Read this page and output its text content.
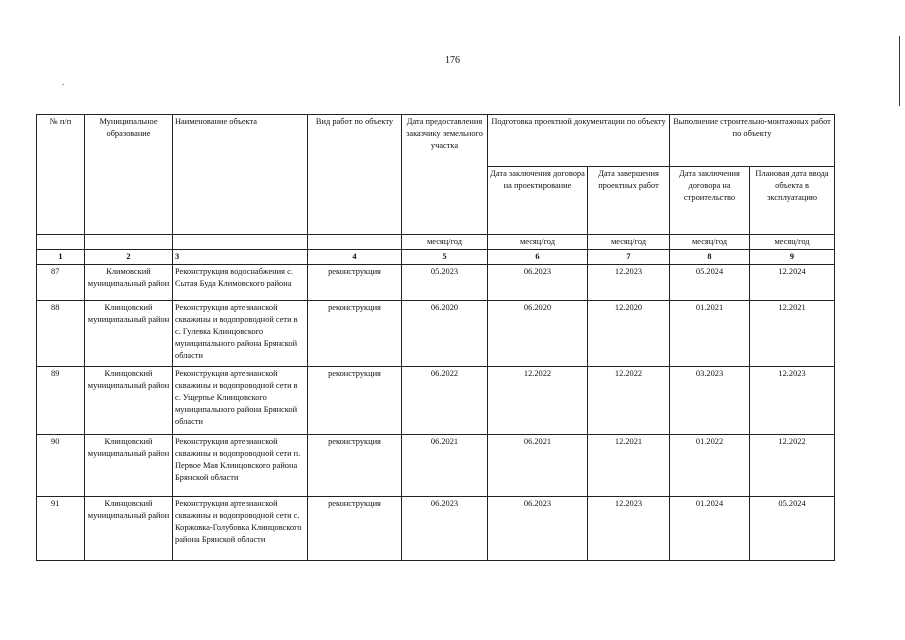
176
№ п/п	Муниципальное образование	Наименование объекта	Вид работ по объекту	Дата предоставления заказчику земельного участка	Подготовка проектной документации по объекту		Выполнение строительно-монтажных работ по объекту	
					Дата заключения договора на проектирование	Дата завершения проектных работ	Дата заключения договора на строительство	Плановая дата ввода объекта в эксплуатацию
				месяц/год	месяц/год	месяц/год	месяц/год	месяц/год
1	2	3	4	5	6	7	8	9
87	Климовский муниципальный район	Реконструкция водоснабжения с. Сытая Буда Климовского района	реконструкция	05.2023	06.2023	12.2023	05.2024	12.2024
88	Клинцовский муниципальный район	Реконструкция артезианской скважины и водопроводной сети в с. Гулевка Клинцовского муниципального района Брянской области	реконструкция	06.2020	06.2020	12.2020	01.2021	12.2021
89	Клинцовский муниципальный район	Реконструкция артезианской скважины и водопроводной сети в с. Ущерпье Клинцовского муниципального района Брянской области	реконструкция	06.2022	12.2022	12.2022	03.2023	12.2023
90	Клинцовский муниципальный район	Реконструкция артезианской скважины и водопроводной сети п. Первое Мая Клинцовского района Брянской области	реконструкция	06.2021	06.2021	12.2021	01.2022	12.2022
91	Клинцовский муниципальный район	Реконструкция артезианской скважины и водопроводной сети с. Коржовка-Голубовка Клинцовского района Брянской области	реконструкция	06.2023	06.2023	12.2023	01.2024	05.2024
